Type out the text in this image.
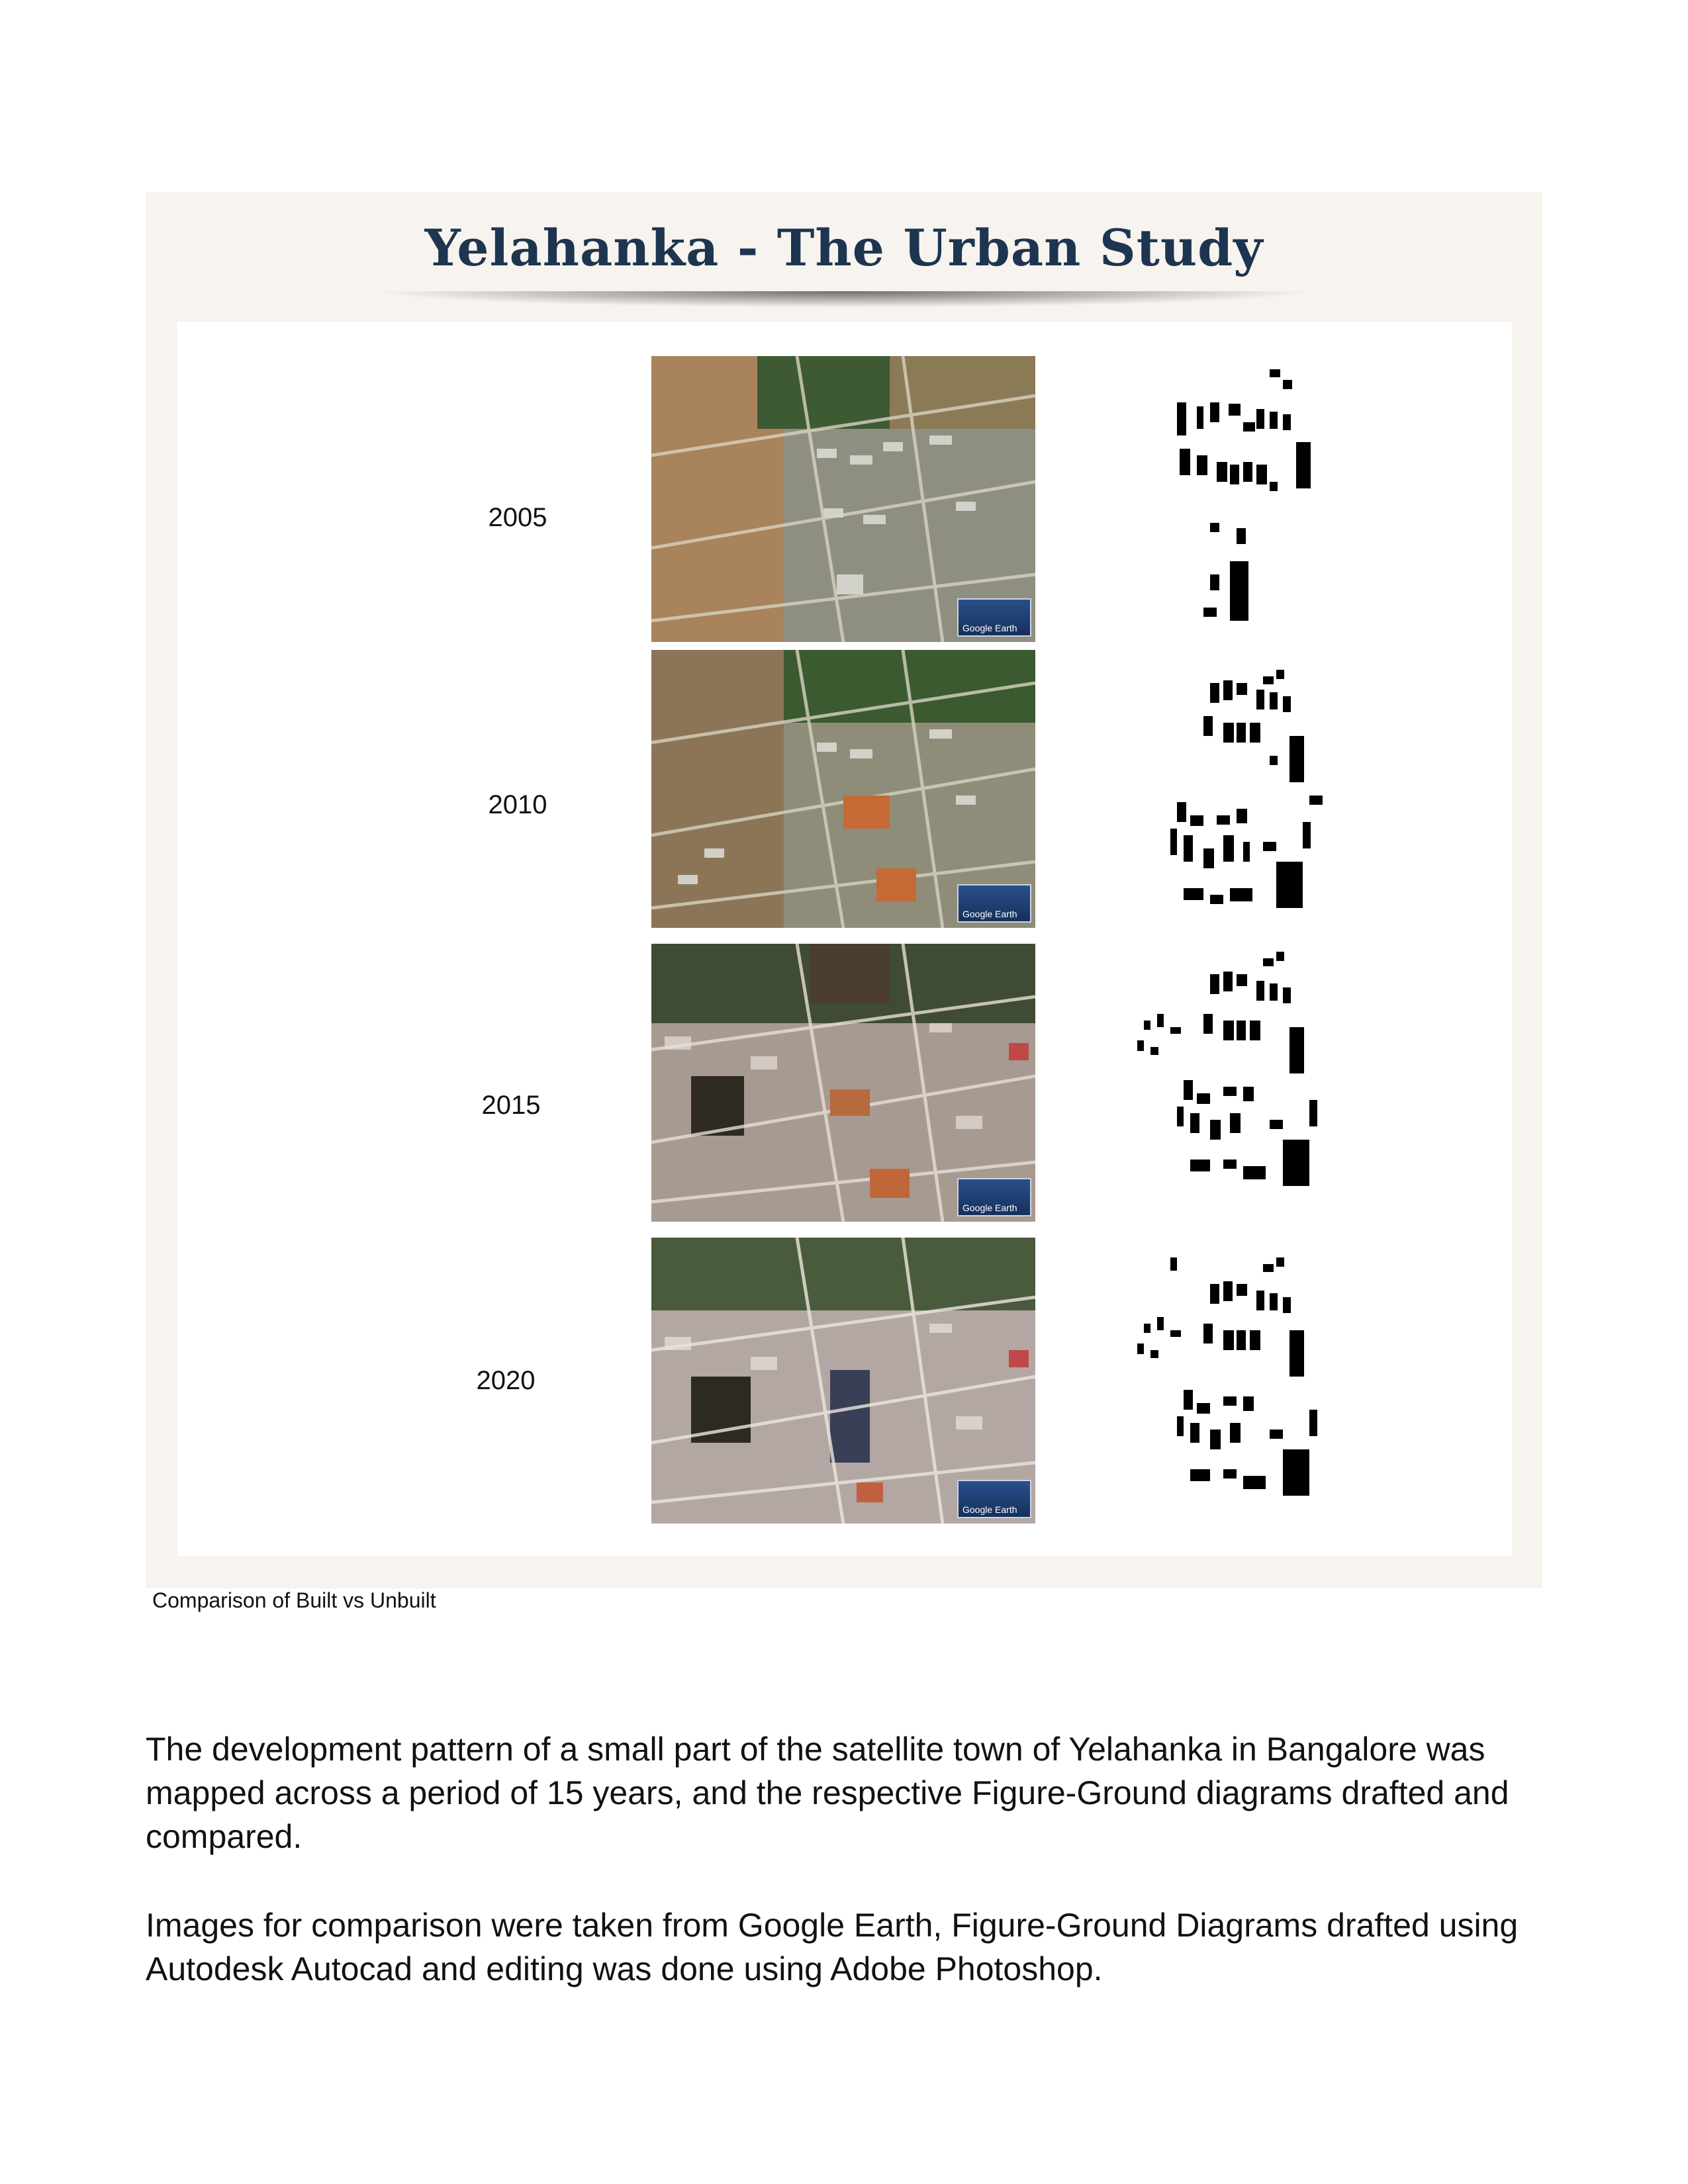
Yelahanka - The Urban Study
2005
Google Earth
2010
Google Earth
2015
Google Earth
2020
Google Earth
Comparison of Built vs Unbuilt

The development pattern of a small part of the satellite town of Yelahanka in Bangalore was mapped across a period of 15 years, and the respective Figure-Ground diagrams drafted and compared.

Images for comparison were taken from Google Earth, Figure-Ground Diagrams drafted using Autodesk Autocad and editing was done using Adobe Photoshop.
